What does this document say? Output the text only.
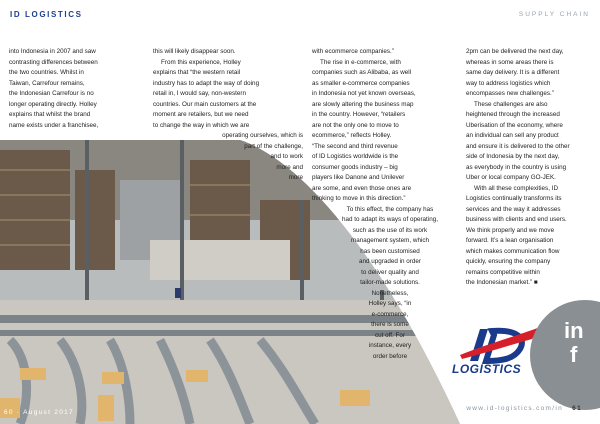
ID LOGISTICS	SUPPLY CHAIN

into Indonesia in 2007 and saw

contrasting differences between

the two countries. Whilst in

Taiwan, Carrefour remains,

the Indonesian Carrefour is no

longer operating directly. Holley

explains that whilst the brand

name exists under a franchisee,

this will likely disappear soon.

From this experience, Holley

explains that “the western retail

industry has to adapt the way of doing

retail in, I would say, non-western

countries. Our main customers at the

moment are retailers, but we need

to change the way in which we are

operating ourselves, which is

part of the challenge,

and to work

more and

more

with ecommerce companies.”

The rise in e-commerce, with

companies such as Alibaba, as well

as smaller e-commerce companies

in Indonesia not yet known overseas,

are slowly altering the business map

in the country. However, “retailers

are not the only one to move to

ecommerce,” reflects Holley.

“The second and third revenue

of ID Logistics worldwide is the

consumer goods industry – big

players like Danone and Unilever

are some, and even those ones are

thinking to move in this direction.”

To this effect, the company has

had to adapt its ways of operating,

such as the use of its work

management system, which

has been customised

and upgraded in order

to deliver quality and

tailor-made solutions.

Nonetheless,

Holley says, “in

e-commerce,

there is some

cut off. For

instance, every

order before

2pm can be delivered the next day,

whereas in some areas there is

same day delivery. It is a different

way to address logistics which

encompasses new challenges.”

These challenges are also

heightened through the increased

Uberisation of the economy, where

an individual can sell any product

and ensure it is delivered to the other

side of Indonesia by the next day,

as everybody in the country is using

Uber or local company GO-JEK.

With all these complexities, ID

Logistics continually transforms its

services and the way it addresses

business with clients and end users.

We think properly and we move

forward. It’s a lean organisation

which makes communication flow

quickly, ensuring the company

remains competitive within

the Indonesian market.” ■

LOGISTICS
in
f
60 · August 2017
www.id-logistics.com/in 61
